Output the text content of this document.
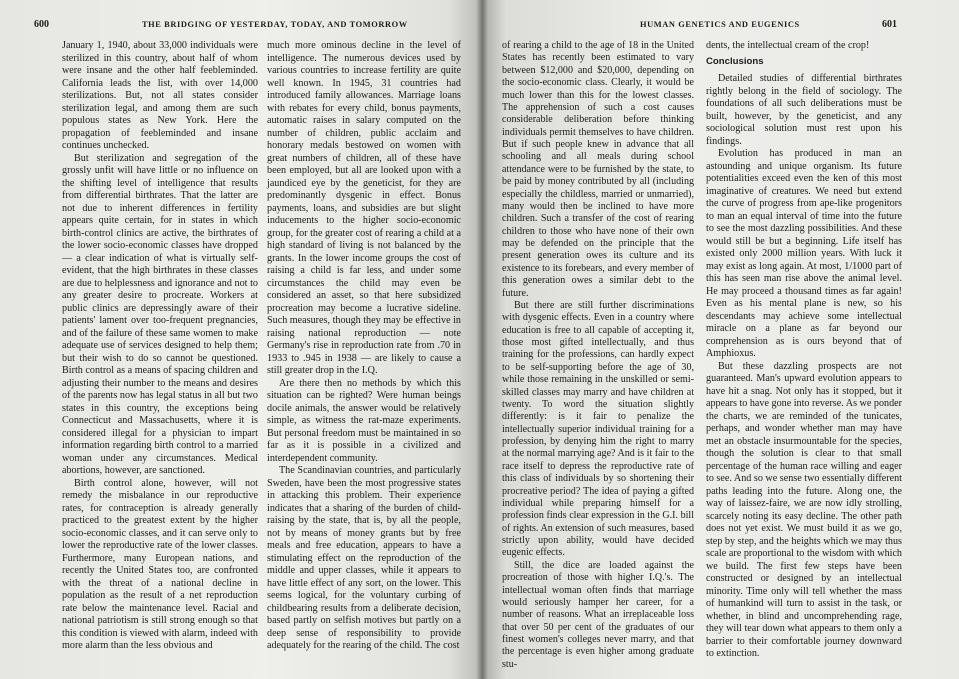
600	THE BRIDGING OF YESTERDAY, TODAY, AND TOMORROW

January 1, 1940, about 33,000 individuals were sterilized in this country, about half of whom were insane and the other half feebleminded. California leads the list, with over 14,000 sterilizations. But, not all states consider sterilization legal, and among them are such populous states as New York. Here the propagation of feebleminded and insane continues unchecked.

But sterilization and segregation of the grossly unfit will have little or no influence on the shifting level of intelligence that results from differential birthrates. That the latter are not due to inherent differences in fertility appears quite certain, for in states in which birth-control clinics are active, the birthrates of the lower socio-economic classes have dropped — a clear indication of what is virtually self-evident, that the high birthrates in these classes are due to helplessness and ignorance and not to any greater desire to procreate. Workers at public clinics are depressingly aware of their patients' lament over too-frequent pregnancies, and of the failure of these same women to make adequate use of services designed to help them; but their wish to do so cannot be questioned. Birth control as a means of spacing children and adjusting their number to the means and desires of the parents now has legal status in all but two states in this country, the exceptions being Connecticut and Massachusetts, where it is considered illegal for a physician to impart information regarding birth control to a married woman under any circumstances. Medical abortions, however, are sanctioned.

Birth control alone, however, will not remedy the misbalance in our reproductive rates, for contraception is already generally practiced to the greatest extent by the higher socio-economic classes, and it can serve only to lower the reproductive rate of the lower classes. Furthermore, many European nations, and recently the United States too, are confronted with the threat of a national decline in population as the result of a net reproduction rate below the maintenance level. Racial and national patriotism is still strong enough so that this condition is viewed with alarm, indeed with more alarm than the less obvious and

much more ominous decline in the level of intelligence. The numerous devices used by various countries to increase fertility are quite well known. In 1945, 31 countries had introduced family allowances. Marriage loans with rebates for every child, bonus payments, automatic raises in salary computed on the number of children, public acclaim and honorary medals bestowed on women with great numbers of children, all of these have been employed, but all are looked upon with a jaundiced eye by the geneticist, for they are predominantly dysgenic in effect. Bonus payments, loans, and subsidies are but slight inducements to the higher socio-economic group, for the greater cost of rearing a child at a high standard of living is not balanced by the grants. In the lower income groups the cost of raising a child is far less, and under some circumstances the child may even be considered an asset, so that here subsidized procreation may become a lucrative sideline. Such measures, though they may be effective in raising national reproduction — note Germany's rise in reproduction rate from .70 in 1933 to .945 in 1938 — are likely to cause a still greater drop in the I.Q.

Are there then no methods by which this situation can be righted? Were human beings docile animals, the answer would be relatively simple, as witness the rat-maze experiments. But personal freedom must be maintained in so far as it is possible in a civilized and interdependent community.

The Scandinavian countries, and particularly Sweden, have been the most progressive states in attacking this problem. Their experience indicates that a sharing of the burden of child-raising by the state, that is, by all the people, not by means of money grants but by free meals and free education, appears to have a stimulating effect on the reproduction of the middle and upper classes, while it appears to have little effect of any sort, on the lower. This seems logical, for the voluntary curbing of childbearing results from a deliberate decision, based partly on selfish motives but partly on a deep sense of responsibility to provide adequately for the rearing of the child. The cost

HUMAN GENETICS AND EUGENICS	601

of rearing a child to the age of 18 in the United States has recently been estimated to vary between $12,000 and $20,000, depending on the socio-economic class. Clearly, it would be much lower than this for the lowest classes. The apprehension of such a cost causes considerable deliberation before thinking individuals permit themselves to have children. But if such people knew in advance that all schooling and all meals during school attendance were to be furnished by the state, to be paid by money contributed by all (including especially the childless, married or unmarried), many would then be inclined to have more children. Such a transfer of the cost of rearing children to those who have none of their own may be defended on the principle that the present generation owes its culture and its existence to its forebears, and every member of this generation owes a similar debt to the future.

But there are still further discriminations with dysgenic effects. Even in a country where education is free to all capable of accepting it, those most gifted intellectually, and thus training for the professions, can hardly expect to be self-supporting before the age of 30, while those remaining in the unskilled or semi-skilled classes may marry and have children at twenty. To word the situation slightly differently: is it fair to penalize the intellectually superior individual training for a profession, by denying him the right to marry at the normal marrying age? And is it fair to the race itself to depress the reproductive rate of this class of individuals by so shortening their procreative period? The idea of paying a gifted individual while preparing himself for a profession finds clear expression in the G.I. bill of rights. An extension of such measures, based strictly upon ability, would have decided eugenic effects.

Still, the dice are loaded against the procreation of those with higher I.Q.'s. The intellectual woman often finds that marriage would seriously hamper her career, for a number of reasons. What an irreplaceable loss that over 50 per cent of the graduates of our finest women's colleges never marry, and that the percentage is even higher among graduate stu-

dents, the intellectual cream of the crop!

Conclusions

Detailed studies of differential birthrates rightly belong in the field of sociology. The foundations of all such deliberations must be built, however, by the geneticist, and any sociological solution must rest upon his findings.

Evolution has produced in man an astounding and unique organism. Its future potentialities exceed even the ken of this most imaginative of creatures. We need but extend the curve of progress from ape-like progenitors to man an equal interval of time into the future to see the most dazzling possibilities. And these would still be but a beginning. Life itself has existed only 2000 million years. With luck it may exist as long again. At most, 1/1000 part of this has seen man rise above the animal level. He may proceed a thousand times as far again! Even as his mental plane is new, so his descendants may achieve some intellectual miracle on a plane as far beyond our comprehension as is ours beyond that of Amphioxus.

But these dazzling prospects are not guaranteed. Man's upward evolution appears to have hit a snag. Not only has it stopped, but it appears to have gone into reverse. As we ponder the charts, we are reminded of the tunicates, perhaps, and wonder whether man may have met an obstacle insurmountable for the species, though the solution is clear to that small percentage of the human race willing and eager to see. And so we sense two essentially different paths leading into the future. Along one, the way of laissez-faire, we are now idly strolling, scarcely noting its easy decline. The other path does not yet exist. We must build it as we go, step by step, and the heights which we may thus scale are proportional to the wisdom with which we build. The first few steps have been constructed or designed by an intellectual minority. Time only will tell whether the mass of humankind will turn to assist in the task, or whether, in blind and uncomprehending rage, they will tear down what appears to them only a barrier to their comfortable journey downward to extinction.
